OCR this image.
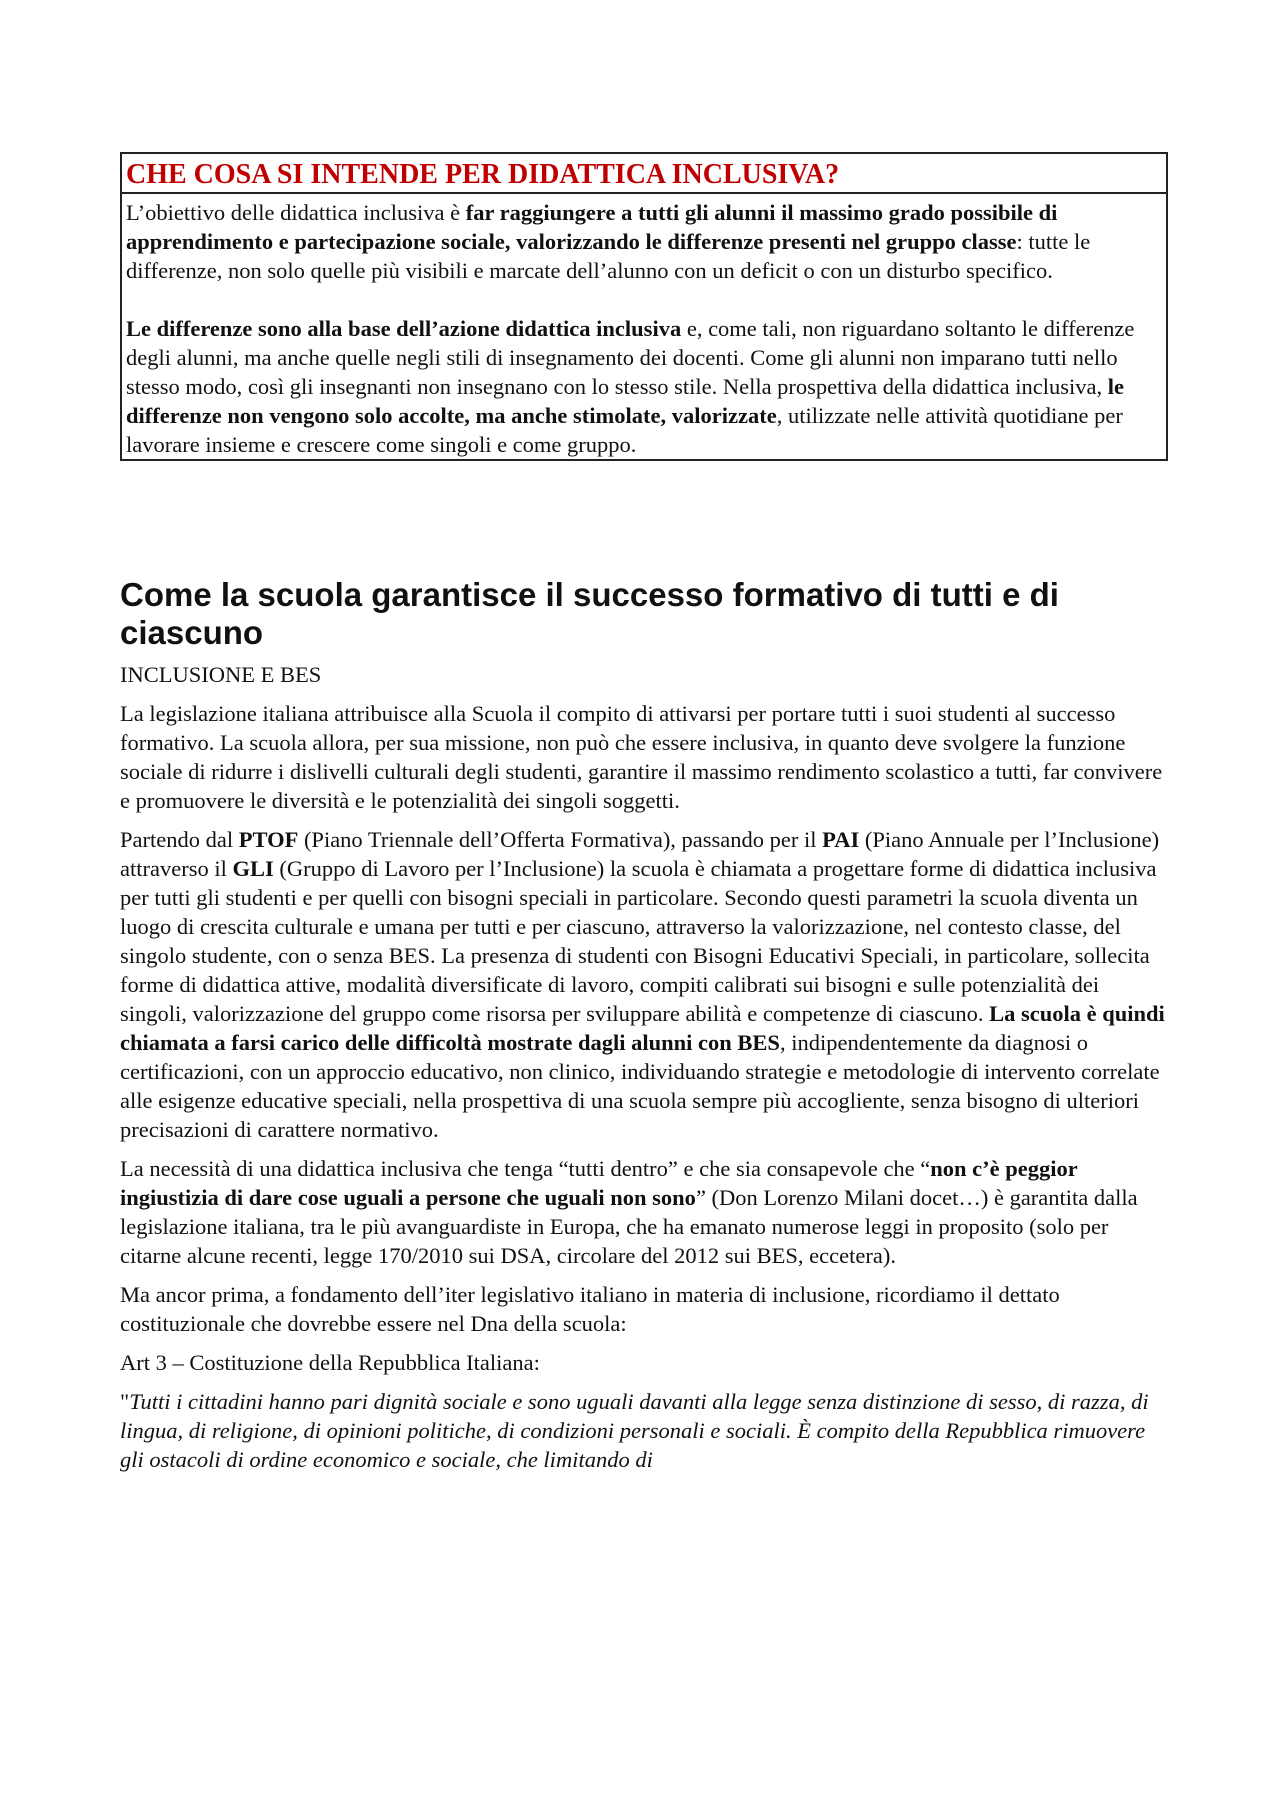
CHE COSA SI INTENDE PER DIDATTICA INCLUSIVA?

L’obiettivo delle didattica inclusiva è far raggiungere a tutti gli alunni il massimo grado possibile di apprendimento e partecipazione sociale, valorizzando le differenze presenti nel gruppo classe: tutte le differenze, non solo quelle più visibili e marcate dell’alunno con un deficit o con un disturbo specifico.

Le differenze sono alla base dell’azione didattica inclusiva e, come tali, non riguardano soltanto le differenze degli alunni, ma anche quelle negli stili di insegnamento dei docenti. Come gli alunni non imparano tutti nello stesso modo, così gli insegnanti non insegnano con lo stesso stile. Nella prospettiva della didattica inclusiva, le differenze non vengono solo accolte, ma anche stimolate, valorizzate, utilizzate nelle attività quotidiane per lavorare insieme e crescere come singoli e come gruppo.

Come la scuola garantisce il successo formativo di tutti e di ciascuno

INCLUSIONE E BES

La legislazione italiana attribuisce alla Scuola il compito di attivarsi per portare tutti i suoi studenti al successo formativo. La scuola allora, per sua missione, non può che essere inclusiva, in quanto deve svolgere la funzione sociale di ridurre i dislivelli culturali degli studenti, garantire il massimo rendimento scolastico a tutti, far convivere e promuovere le diversità e le potenzialità dei singoli soggetti.

Partendo dal PTOF (Piano Triennale dell’Offerta Formativa), passando per il PAI (Piano Annuale per l’Inclusione) attraverso il GLI (Gruppo di Lavoro per l’Inclusione) la scuola è chiamata a progettare forme di didattica inclusiva per tutti gli studenti e per quelli con bisogni speciali in particolare. Secondo questi parametri la scuola diventa un luogo di crescita culturale e umana per tutti e per ciascuno, attraverso la valorizzazione, nel contesto classe, del singolo studente, con o senza BES. La presenza di studenti con Bisogni Educativi Speciali, in particolare, sollecita forme di didattica attive, modalità diversificate di lavoro, compiti calibrati sui bisogni e sulle potenzialità dei singoli, valorizzazione del gruppo come risorsa per sviluppare abilità e competenze di ciascuno. La scuola è quindi chiamata a farsi carico delle difficoltà mostrate dagli alunni con BES, indipendentemente da diagnosi o certificazioni, con un approccio educativo, non clinico, individuando strategie e metodologie di intervento correlate alle esigenze educative speciali, nella prospettiva di una scuola sempre più accogliente, senza bisogno di ulteriori precisazioni di carattere normativo.

La necessità di una didattica inclusiva che tenga “tutti dentro” e che sia consapevole che “non c’è peggior ingiustizia di dare cose uguali a persone che uguali non sono” (Don Lorenzo Milani docet…) è garantita dalla legislazione italiana, tra le più avanguardiste in Europa, che ha emanato numerose leggi in proposito (solo per citarne alcune recenti, legge 170/2010 sui DSA, circolare del 2012 sui BES, eccetera).

Ma ancor prima, a fondamento dell’iter legislativo italiano in materia di inclusione, ricordiamo il dettato costituzionale che dovrebbe essere nel Dna della scuola:

Art 3 – Costituzione della Repubblica Italiana:

"Tutti i cittadini hanno pari dignità sociale e sono uguali davanti alla legge senza distinzione di sesso, di razza, di lingua, di religione, di opinioni politiche, di condizioni personali e sociali. È compito della Repubblica rimuovere gli ostacoli di ordine economico e sociale, che limitando di
